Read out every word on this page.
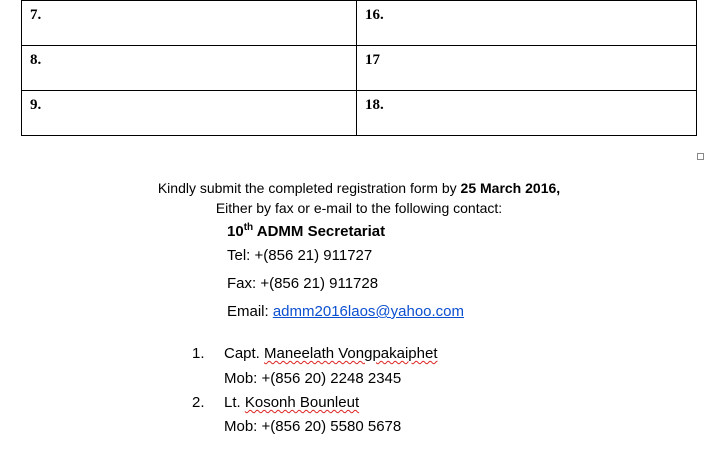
7.	16.
8.	17
9.	18.
Kindly submit the completed registration form by 25 March 2016,
Either by fax or e-mail to the following contact:
10th ADMM Secretariat
Tel: +(856 21) 911727
Fax: +(856 21) 911728
Email: admm2016laos@yahoo.com
1. Capt. Maneelath Vongpakaiphet
Mob: +(856 20) 2248 2345
2. Lt. Kosonh Bounleut
Mob: +(856 20) 5580 5678
